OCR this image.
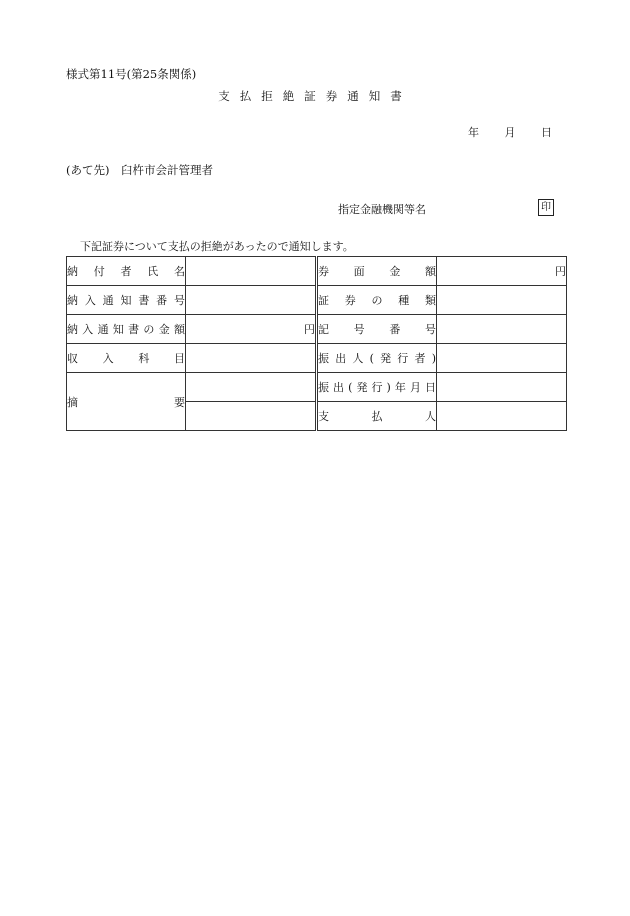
様式第11号(第25条関係)
支払拒絶証券通知書
年 月 日
(あて先)　臼杵市会計管理者
指定金融機関等名	印
下記証券について支払の拒絶があったので通知します。
納付者氏名			券面金額	円
納入通知書番号			証券の種類	
納入通知書の金額	円		記号番号	
収入科目			振出人(発行者)	
摘要			振出(発行)年月日	
			支払人	
